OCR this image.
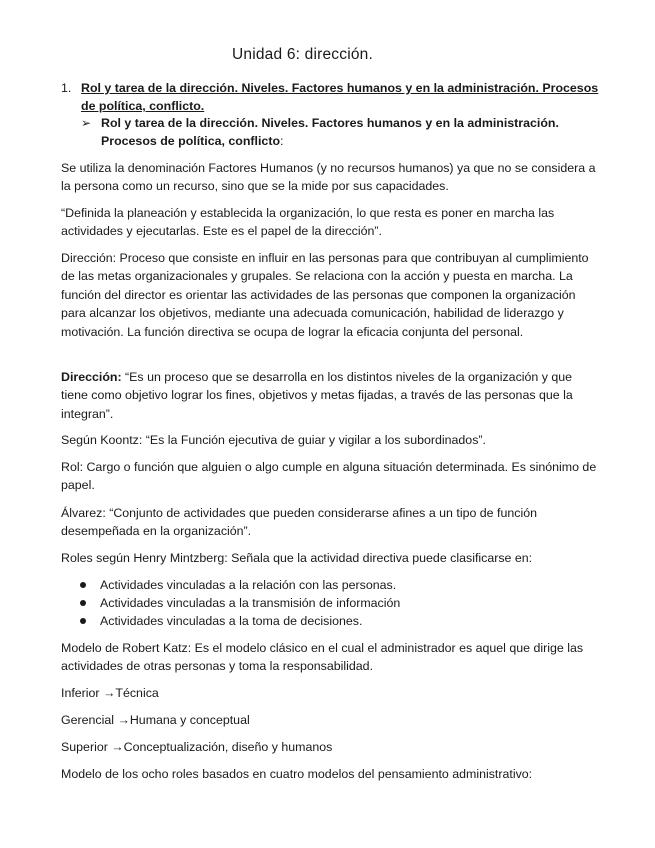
Unidad 6: dirección.
1. Rol y tarea de la dirección. Niveles. Factores humanos y en la administración. Procesos de política, conflicto.
➢ Rol y tarea de la dirección. Niveles. Factores humanos y en la administración. Procesos de política, conflicto:

Se utiliza la denominación Factores Humanos (y no recursos humanos) ya que no se considera a la persona como un recurso, sino que se la mide por sus capacidades.

“Definida la planeación y establecida la organización, lo que resta es poner en marcha las actividades y ejecutarlas. Este es el papel de la dirección”.

Dirección: Proceso que consiste en influir en las personas para que contribuyan al cumplimiento de las metas organizacionales y grupales. Se relaciona con la acción y puesta en marcha. La función del director es orientar las actividades de las personas que componen la organización para alcanzar los objetivos, mediante una adecuada comunicación, habilidad de liderazgo y motivación. La función directiva se ocupa de lograr la eficacia conjunta del personal.

Dirección: “Es un proceso que se desarrolla en los distintos niveles de la organización y que tiene como objetivo lograr los fines, objetivos y metas fijadas, a través de las personas que la integran”.

Según Koontz: “Es la Función ejecutiva de guiar y vigilar a los subordinados”.

Rol: Cargo o función que alguien o algo cumple en alguna situación determinada. Es sinónimo de papel.

Álvarez: “Conjunto de actividades que pueden considerarse afines a un tipo de función desempeñada en la organización”.

Roles según Henry Mintzberg: Señala que la actividad directiva puede clasificarse en:

Actividades vinculadas a la relación con las personas.
Actividades vinculadas a la transmisión de información
Actividades vinculadas a la toma de decisiones.

Modelo de Robert Katz: Es el modelo clásico en el cual el administrador es aquel que dirige las actividades de otras personas y toma la responsabilidad.

Inferior →Técnica

Gerencial →Humana y conceptual

Superior →Conceptualización, diseño y humanos

Modelo de los ocho roles basados en cuatro modelos del pensamiento administrativo:
